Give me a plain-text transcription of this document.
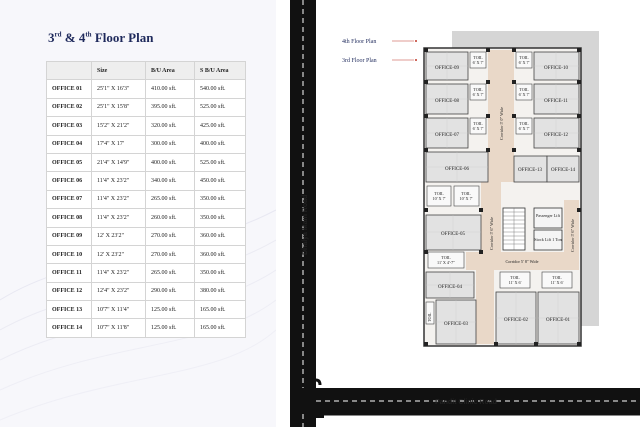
3rd & 4th Floor Plan
	Size	B/U Area	S B/U Area
OFFICE 01	25'1" X 16'3"	410.00 sft.	540.00 sft.
OFFICE 02	25'1" X 15'8"	395.00 sft.	525.00 sft.
OFFICE 03	15'2" X 21'2"	320.00 sft.	425.00 sft.
OFFICE 04	17'4" X 17'	300.00 sft.	400.00 sft.
OFFICE 05	21'4" X 14'9"	400.00 sft.	525.00 sft.
OFFICE 06	11'4" X 23'2"	340.00 sft.	450.00 sft.
OFFICE 07	11'4" X 23'2"	265.00 sft.	350.00 sft.
OFFICE 08	11'4" X 23'2"	260.00 sft.	350.00 sft.
OFFICE 09	12' X 23'2"	270.00 sft.	360.00 sft.
OFFICE 10	12' X 23'2"	270.00 sft.	360.00 sft.
OFFICE 11	11'4" X 23'2"	265.00 sft.	350.00 sft.
OFFICE 12	12'4" X 23'2"	290.00 sft.	380.00 sft.
OFFICE 13	10'7" X 11'4"	125.00 sft.	165.00 sft.
OFFICE 14	10'7" X 11'8"	125.00 sft.	165.00 sft.
Dhalya Main Road
Pandit Clinic Road
4th Floor Plan
3rd Floor Plan
OFFICE-09
OFFICE-08
OFFICE-07
OFFICE-10
OFFICE-11
OFFICE-12
OFFICE-06	OFFICE-13 OFFICE-14
OFFICE-05
OFFICE-04
OFFICE-03
OFFICE-02	OFFICE-01
Corridor 5' 0" Wide
Corridor 5' 6" Wide	Corridor 5' 6" Wide
Corridor 5' 8" Wide
Passenger Lift
Stock Lift 1 Ton
TOIL
6' X 7'
TOIL
6' X 7'
TOIL
6' X 7'
TOIL
6' X 7'
TOIL
6' X 7'
TOIL
6' X 7'
TOIL
10' X 7'
TOIL
10' X 7'
TOIL
11' X 4'-7"
TOIL
11' X 6'
TOIL
11' X 6'
TOIL
